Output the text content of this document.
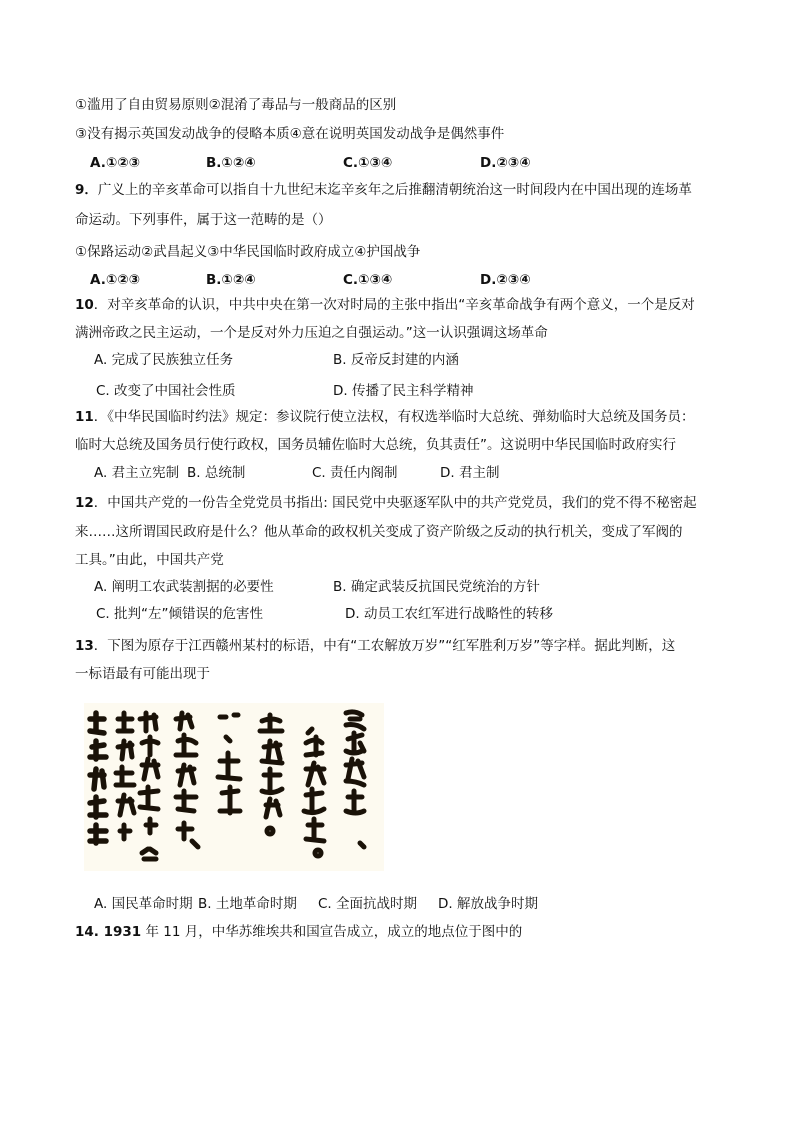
①滥用了自由贸易原则②混淆了毒品与一般商品的区别
③没有揭示英国发动战争的侵略本质④意在说明英国发动战争是偶然事件
A.①②③	B.①②④	C.①③④	D.②③④
9．广义上的辛亥革命可以指自十九世纪末迄辛亥年之后推翻清朝统治这一时间段内在中国出现的连场革
命运动。下列事件，属于这一范畴的是（）
①保路运动②武昌起义③中华民国临时政府成立④护国战争
A.①②③	B.①②④	C.①③④	D.②③④
10．对辛亥革命的认识，中共中央在第一次对时局的主张中指出“辛亥革命战争有两个意义，一个是反对
满洲帝政之民主运动，一个是反对外力压迫之自强运动。”这一认识强调这场革命
A. 完成了民族独立任务	B. 反帝反封建的内涵
C. 改变了中国社会性质	D. 传播了民主科学精神
11．《中华民国临时约法》规定：参议院行使立法权，有权选举临时大总统、弹劾临时大总统及国务员：
临时大总统及国务员行使行政权，国务员辅佐临时大总统，负其责任”。这说明中华民国临时政府实行
A. 君主立宪制 B. 总统制	C. 责任内阁制	D. 君主制
12．中国共产党的一份告全党党员书指出: 国民党中央驱逐军队中的共产党党员，我们的党不得不秘密起
来……这所谓国民政府是什么？他从革命的政权机关变成了资产阶级之反动的执行机关，变成了军阀的
工具。”由此，中国共产党
A. 阐明工农武装割据的必要性	B. 确定武装反抗国民党统治的方针
C. 批判“左”倾错误的危害性	D. 动员工农红军进行战略性的转移
13．下图为原存于江西赣州某村的标语，中有“工农解放万岁”“红军胜利万岁”等字样。据此判断，这
一标语最有可能出现于
A. 国民革命时期 B. 土地革命时期 C. 全面抗战时期 D. 解放战争时期
14. 1931 年 11 月，中华苏维埃共和国宣告成立，成立的地点位于图中的
